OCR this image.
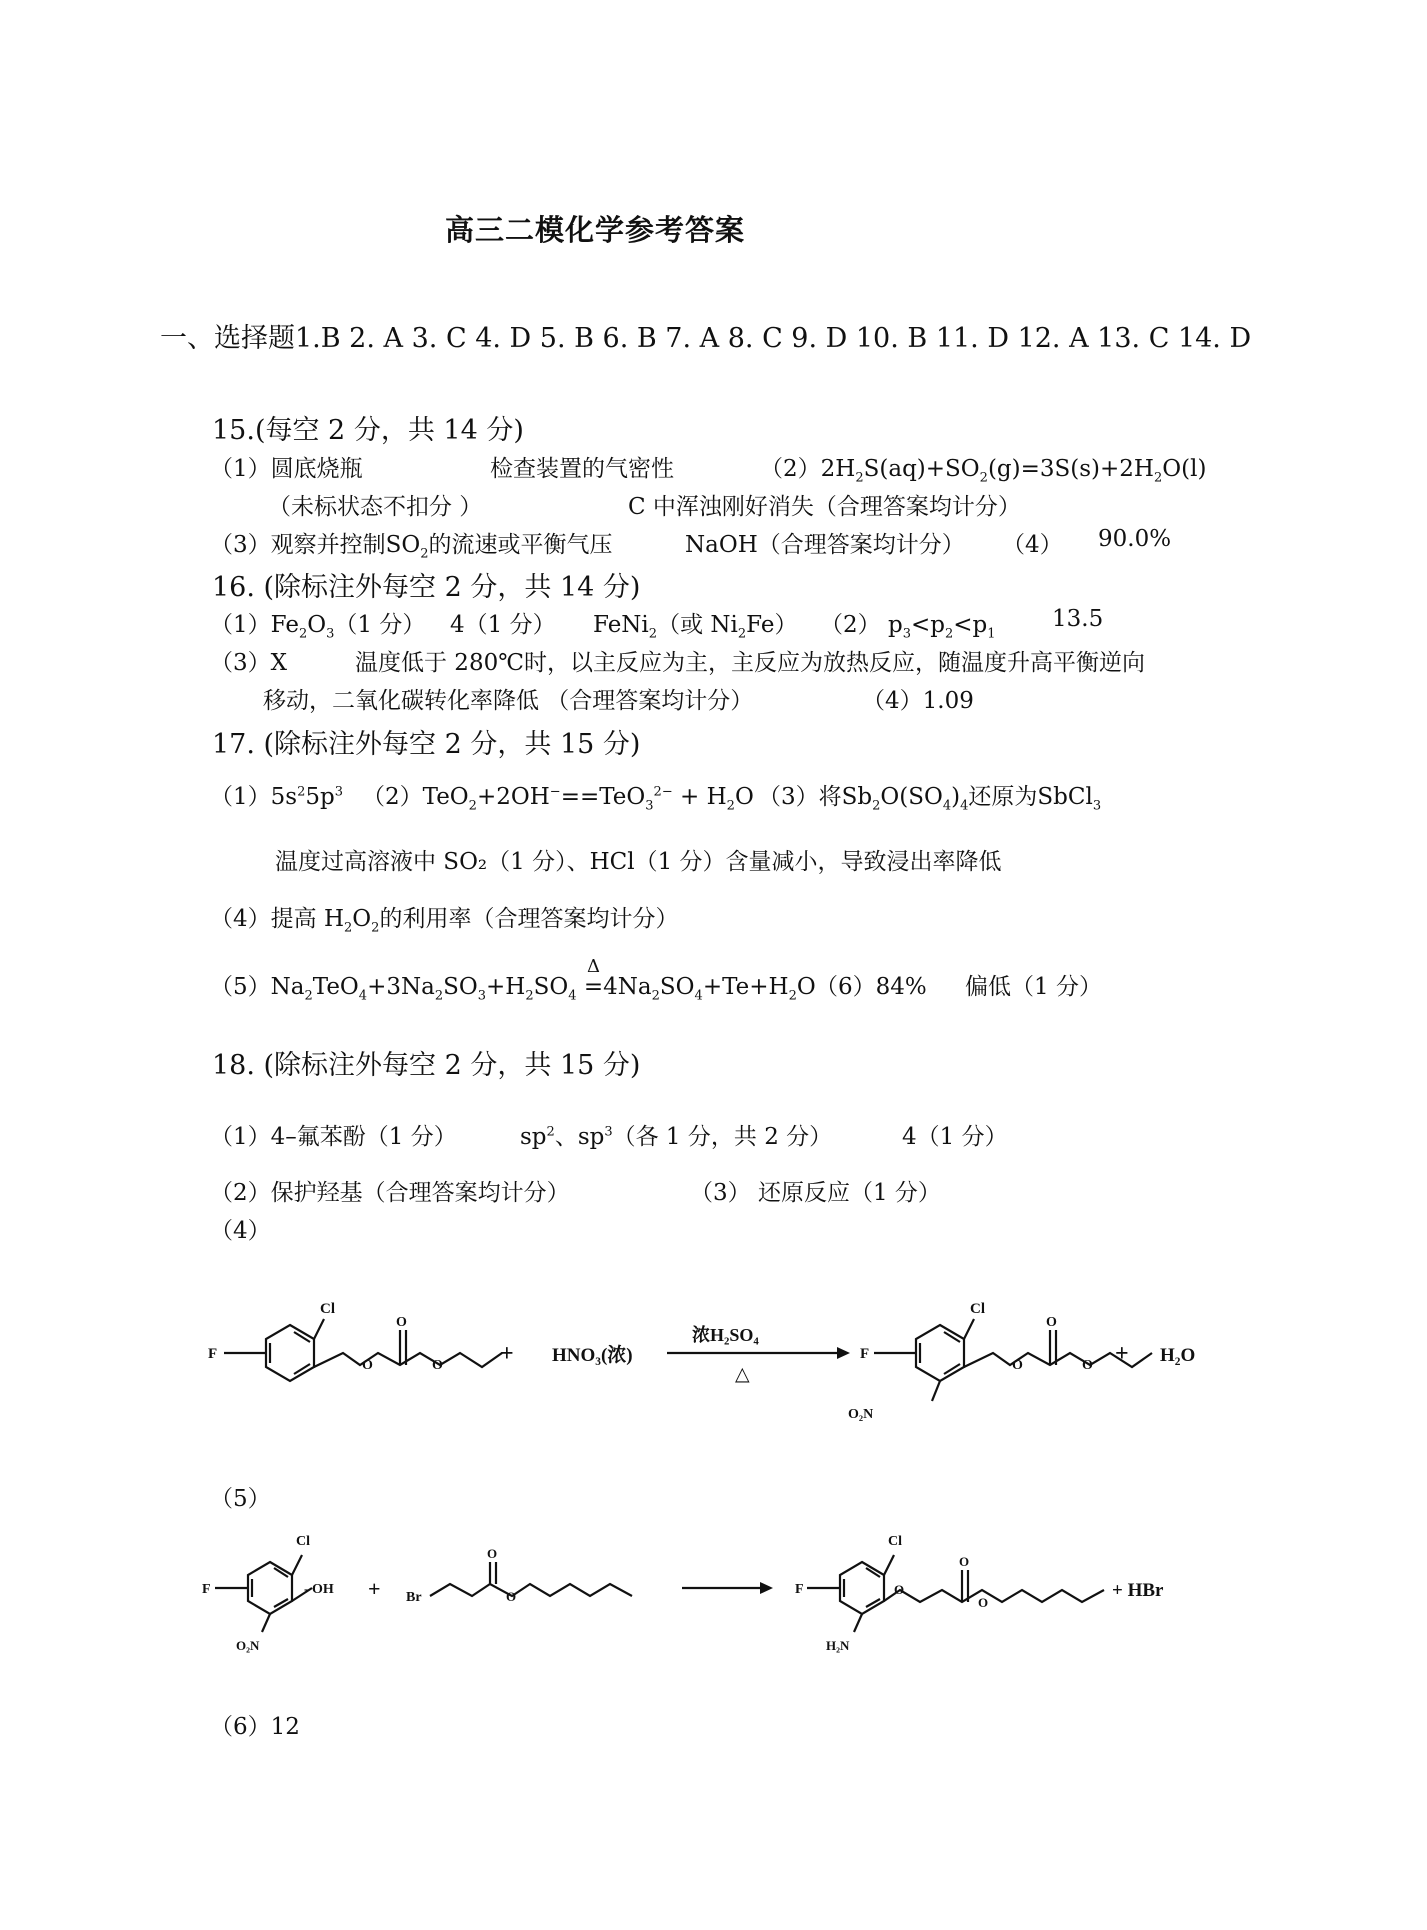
高三二模化学参考答案
一、选择题1.B 2. A 3. C 4. D 5. B 6. B 7. A 8. C 9. D 10. B 11. D 12. A 13. C 14. D
15.(每空 2 分，共 14 分)
（1）圆底烧瓶	检查装置的气密性	$(2)2H_2S(aq)+SO_2(g)=3S(s)+2H_2O(l)$
（未标状态不扣分 ）	C 中浑浊刚好消失（合理答案均计分）
（3）观察并控制$SO_2$的流速或平衡气压	NaOH（合理答案均计分） （4） 90.0%
16. (除标注外每空 2 分，共 14 分)
$(1)Fe_2O_3(1$ 分） 4（1 分） FeNi$_2$（或 $Ni_2Fe$） （2） $p_3<p_2<p_1$
13.5
（3）X	温度低于 280℃时，以主反应为主，主反应为放热反应，随温度升高平衡逆向
移动，二氧化碳转化率降低 （合理答案均计分）	（4）1.09
17. (除标注外每空 2 分，共 15 分)
$(1)5s^25p^3$ $(2)TeO_2+2OH^-==TeO_3^{2-} + H_2O$ （3）将$Sb_2O(SO_4)_4$还原为SbCl$_3$
温度过高溶液中 SO₂（1 分）、HCl（1 分）含量减小，导致浸出率降低
（4）提高 $H_2O_2$的利用率（合理答案均计分）
$(5)Na_2TeO_4+3Na_2SO_3+H_2SO_4$
Δ
$=4Na_2SO_4+Te+H_2O$ （6）84% 偏低（1 分）
18. (除标注外每空 2 分，共 15 分)
（1）4–氟苯酚（1 分）	$sp^2$、$sp^3$（各 1 分，共 2 分）	4（1 分）
（2）保护羟基（合理答案均计分）	（3） 还原反应（1 分）
（4）
Cl
F
O	O
O
+ HNO₃(浓)
浓H₂SO₄
△
Cl
F
O	O
O
O₂N
+ H₂O
（5）
Cl
F	- OH
O₂N
+ Br
O
O
Cl
F	O
O
O
H₂N
+ HBr
（6）12
